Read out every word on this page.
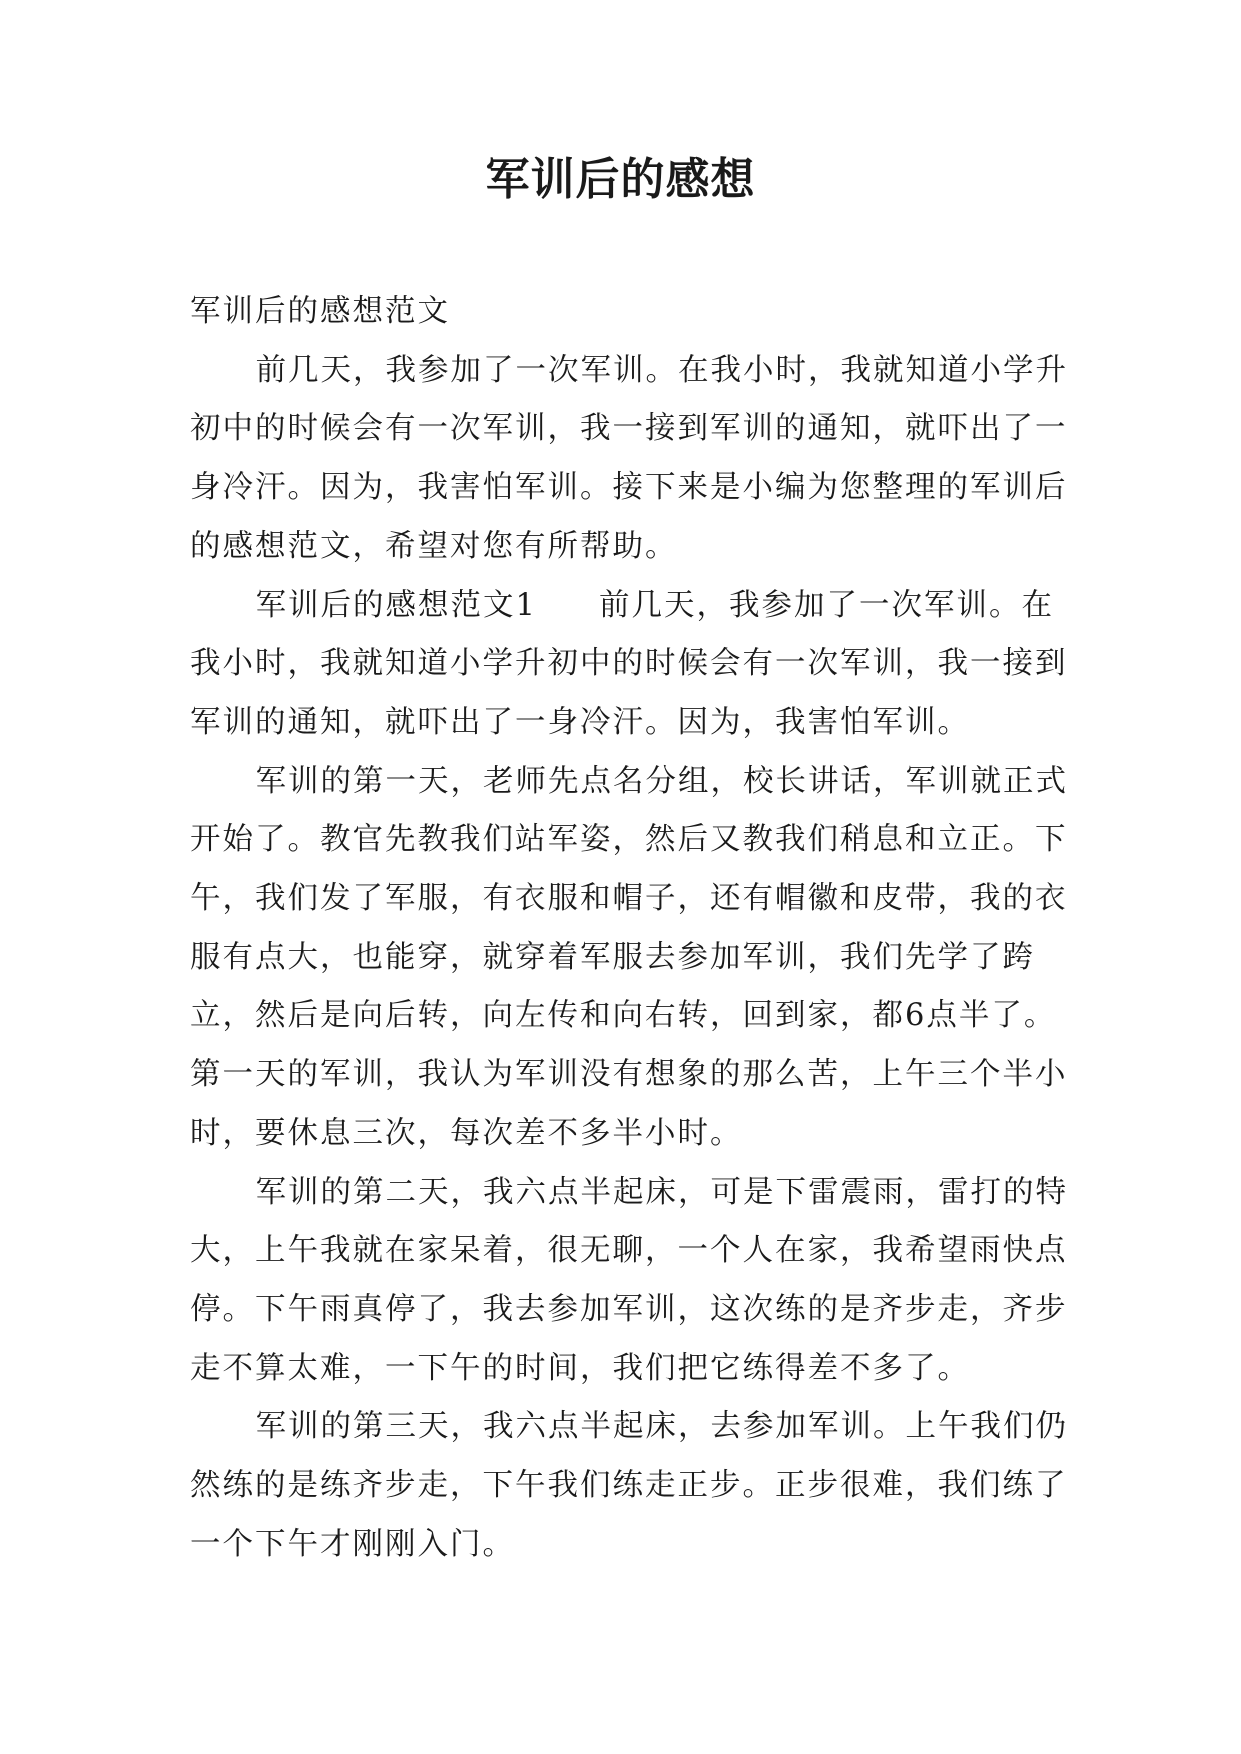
军训后的感想

军训后的感想范文

前几天，我参加了一次军训。在我小时，我就知道小学升初中的时候会有一次军训，我一接到军训的通知，就吓出了一身冷汗。因为，我害怕军训。接下来是小编为您整理的军训后的感想范文，希望对您有所帮助。

军训后的感想范文1 前几天，我参加了一次军训。在我小时，我就知道小学升初中的时候会有一次军训，我一接到军训的通知，就吓出了一身冷汗。因为，我害怕军训。

军训的第一天，老师先点名分组，校长讲话，军训就正式开始了。教官先教我们站军姿，然后又教我们稍息和立正。下午，我们发了军服，有衣服和帽子，还有帽徽和皮带，我的衣服有点大，也能穿，就穿着军服去参加军训，我们先学了跨立，然后是向后转，向左传和向右转，回到家，都6点半了。第一天的军训，我认为军训没有想象的那么苦，上午三个半小时，要休息三次，每次差不多半小时。

军训的第二天，我六点半起床，可是下雷震雨，雷打的特大，上午我就在家呆着，很无聊，一个人在家，我希望雨快点停。下午雨真停了，我去参加军训，这次练的是齐步走，齐步走不算太难，一下午的时间，我们把它练得差不多了。

军训的第三天，我六点半起床，去参加军训。上午我们仍然练的是练齐步走，下午我们练走正步。正步很难，我们练了一个下午才刚刚入门。
